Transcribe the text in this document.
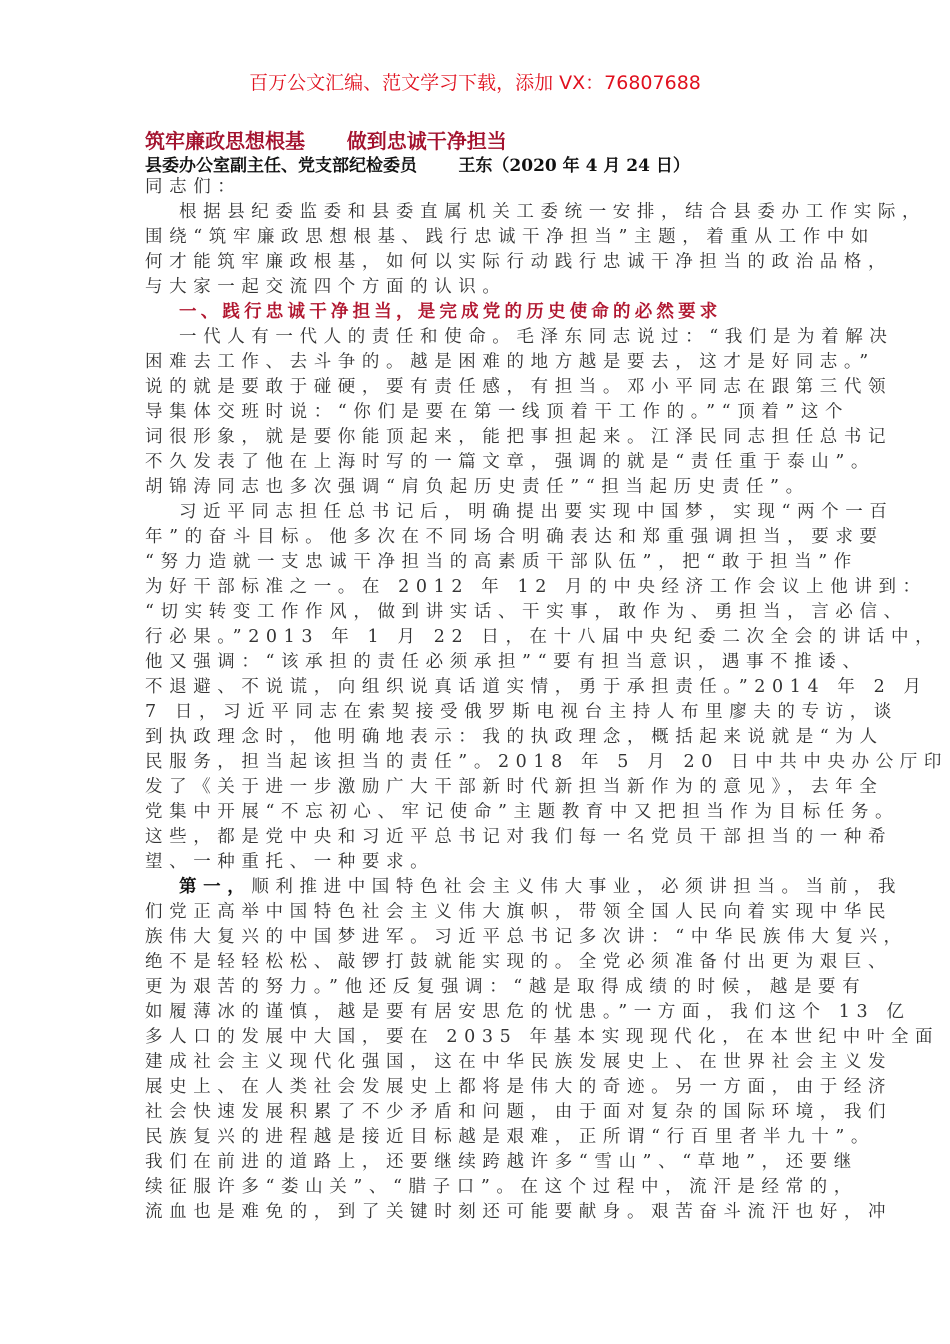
百万公文汇编、范文学习下载，添加 VX：76807688
筑牢廉政思想根基      做到忠诚干净担当
县委办公室副主任、党支部纪检委员       王东（2020 年 4 月 24 日）
同志们：
根据县纪委监委和县委直属机关工委统一安排，结合县委办工作实际，
围绕“筑牢廉政思想根基、践行忠诚干净担当”主题，着重从工作中如
何才能筑牢廉政根基，如何以实际行动践行忠诚干净担当的政治品格，
与大家一起交流四个方面的认识。
一、践行忠诚干净担当，是完成党的历史使命的必然要求
一代人有一代人的责任和使命。毛泽东同志说过：“我们是为着解决
困难去工作、去斗争的。越是困难的地方越是要去，这才是好同志。”
说的就是要敢于碰硬，要有责任感，有担当。邓小平同志在跟第三代领
导集体交班时说：“你们是要在第一线顶着干工作的。”“顶着”这个
词很形象，就是要你能顶起来，能把事担起来。江泽民同志担任总书记
不久发表了他在上海时写的一篇文章，强调的就是“责任重于泰山”。
胡锦涛同志也多次强调“肩负起历史责任”“担当起历史责任”。
习近平同志担任总书记后，明确提出要实现中国梦，实现“两个一百
年”的奋斗目标。他多次在不同场合明确表达和郑重强调担当，要求要
“努力造就一支忠诚干净担当的高素质干部队伍”，把“敢于担当”作
为好干部标准之一。在 2012 年 12 月的中央经济工作会议上他讲到：
“切实转变工作作风，做到讲实话、干实事，敢作为、勇担当，言必信、
行必果。”2013 年 1 月 22 日，在十八届中央纪委二次全会的讲话中，
他又强调：“该承担的责任必须承担”“要有担当意识，遇事不推诿、
不退避、不说谎，向组织说真话道实情，勇于承担责任。”2014 年 2 月
7 日，习近平同志在索契接受俄罗斯电视台主持人布里廖夫的专访，谈
到执政理念时，他明确地表示：我的执政理念，概括起来说就是“为人
民服务，担当起该担当的责任”。2018 年 5 月 20 日中共中央办公厅印
发了《关于进一步激励广大干部新时代新担当新作为的意见》，去年全
党集中开展“不忘初心、牢记使命”主题教育中又把担当作为目标任务。
这些，都是党中央和习近平总书记对我们每一名党员干部担当的一种希
望、一种重托、一种要求。
第一，顺利推进中国特色社会主义伟大事业，必须讲担当。当前，我
们党正高举中国特色社会主义伟大旗帜，带领全国人民向着实现中华民
族伟大复兴的中国梦进军。习近平总书记多次讲：“中华民族伟大复兴，
绝不是轻轻松松、敲锣打鼓就能实现的。全党必须准备付出更为艰巨、
更为艰苦的努力。”他还反复强调：“越是取得成绩的时候，越是要有
如履薄冰的谨慎，越是要有居安思危的忧患。”一方面，我们这个 13 亿
多人口的发展中大国，要在 2035 年基本实现现代化，在本世纪中叶全面
建成社会主义现代化强国，这在中华民族发展史上、在世界社会主义发
展史上、在人类社会发展史上都将是伟大的奇迹。另一方面，由于经济
社会快速发展积累了不少矛盾和问题，由于面对复杂的国际环境，我们
民族复兴的进程越是接近目标越是艰难，正所谓“行百里者半九十”。
我们在前进的道路上，还要继续跨越许多“雪山”、“草地”，还要继
续征服许多“娄山关”、“腊子口”。在这个过程中，流汗是经常的，
流血也是难免的，到了关键时刻还可能要献身。艰苦奋斗流汗也好，冲
